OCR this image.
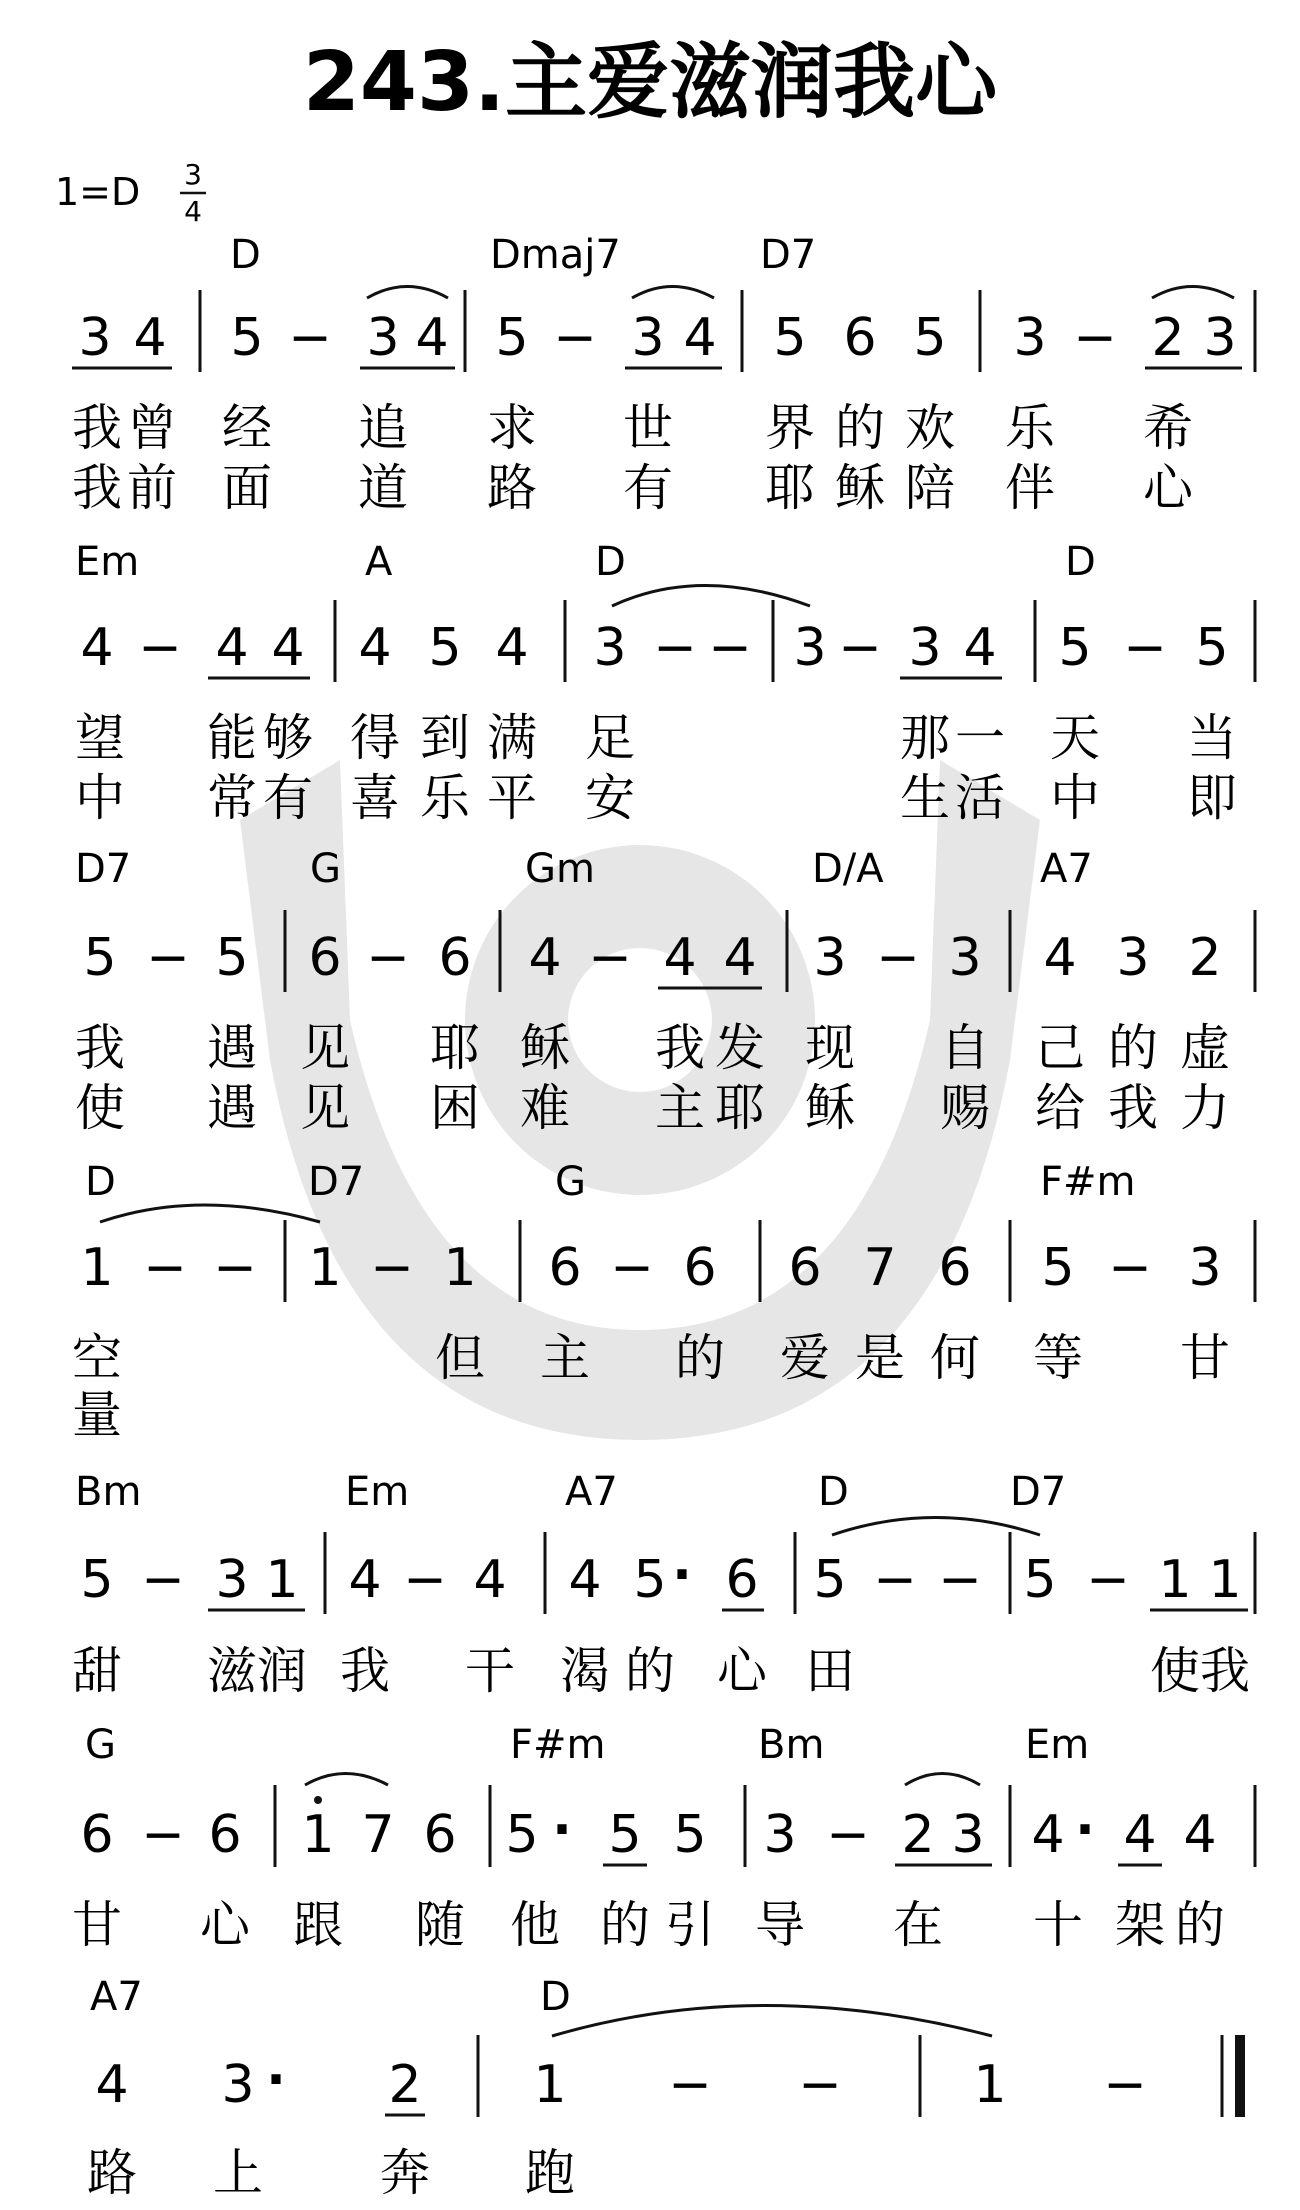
243.主爱滋润我心
1=D 3
4
D	Dmaj7	D7
3 4 5 − 3 4 5 − 3 4 5 6 5 3 − 2 3
我 曾 经 追 求 世 界 的 欢 乐 希
我 前 面 道 路 有 耶 稣 陪 伴 心
Em	A	D	D
4 − 4 4 4 5 4 3 − − 3 − 3 4 5 − 5
望 能 够 得 到 满 足	那 一 天 当
中 常 有 喜 乐 平 安	生 活 中 即
D7	G	Gm	D/A	A7
5 − 5 6 − 6 4 − 4 4 3 − 3 4 3 2
我 遇 见 耶 稣 我 发 现 自 己 的 虚
使 遇 见 困 难 主 耶 稣 赐 给 我 力
D	D7	G	F#m
1 − − 1 − 1 6 − 6 6 7 6 5 − 3
空	但 主 的 爱 是 何 等 甘
量
Bm	Em	A7	D	D7
5 − 3 1 4 − 4 4 5 · 6 5 − − 5 − 1 1
甜 滋 润 我 干 渴 的 心 田	使 我
G	F#m	Bm	Em
6 − 6 1 7 6 5 · 5 5 3 − 2 3 4 · 4 4
甘 心 跟 随 他 的 引 导 在 十 架 的
A7	D
4 3 · 2 1 − −	1 −
路 上 奔 跑
